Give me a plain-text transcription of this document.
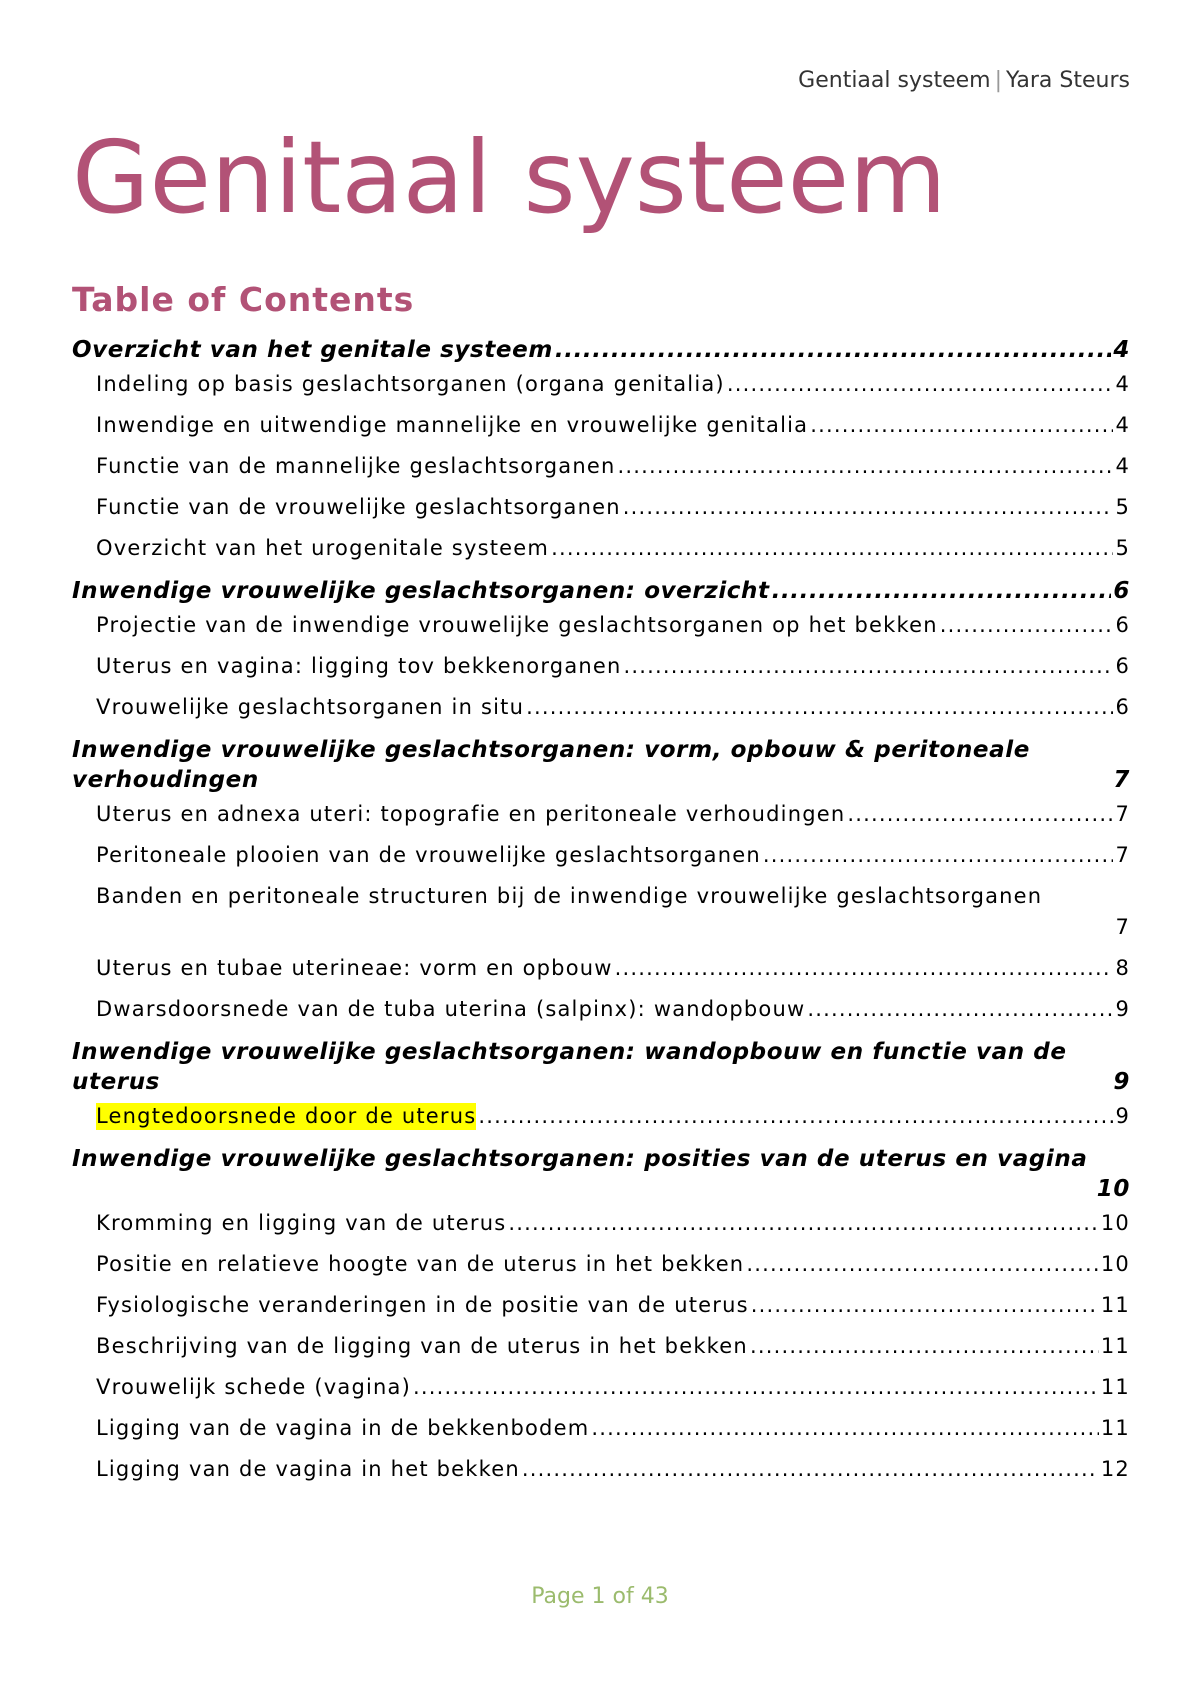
Gentiaal systeem | Yara Steurs
Genitaal systeem
Table of Contents
Overzicht van het genitale systeem .....	4
Indeling op basis geslachtsorganen (organa genitalia) .....	4
Inwendige en uitwendige mannelijke en vrouwelijke genitalia .....	4
Functie van de mannelijke geslachtsorganen .....	4
Functie van de vrouwelijke geslachtsorganen .....	5
Overzicht van het urogenitale systeem .....	5
Inwendige vrouwelijke geslachtsorganen: overzicht .....	6
Projectie van de inwendige vrouwelijke geslachtsorganen op het bekken .....	6
Uterus en vagina: ligging tov bekkenorganen .....	6
Vrouwelijke geslachtsorganen in situ .....	6
Inwendige vrouwelijke geslachtsorganen: vorm, opbouw & peritoneale
verhoudingen	7
Uterus en adnexa uteri: topografie en peritoneale verhoudingen .....	7
Peritoneale plooien van de vrouwelijke geslachtsorganen .....	7
Banden en peritoneale structuren bij de inwendige vrouwelijke geslachtsorganen
7
Uterus en tubae uterineae: vorm en opbouw .....	8
Dwarsdoorsnede van de tuba uterina (salpinx): wandopbouw .....	9
Inwendige vrouwelijke geslachtsorganen: wandopbouw en functie van de
uterus	9
Lengtedoorsnede door de uterus .....	9
Inwendige vrouwelijke geslachtsorganen: posities van de uterus en vagina
10
Kromming en ligging van de uterus .....	10
Positie en relatieve hoogte van de uterus in het bekken .....	10
Fysiologische veranderingen in de positie van de uterus .....	11
Beschrijving van de ligging van de uterus in het bekken .....	11
Vrouwelijk schede (vagina) .....	11
Ligging van de vagina in de bekkenbodem .....	11
Ligging van de vagina in het bekken .....	12
Page 1 of 43
